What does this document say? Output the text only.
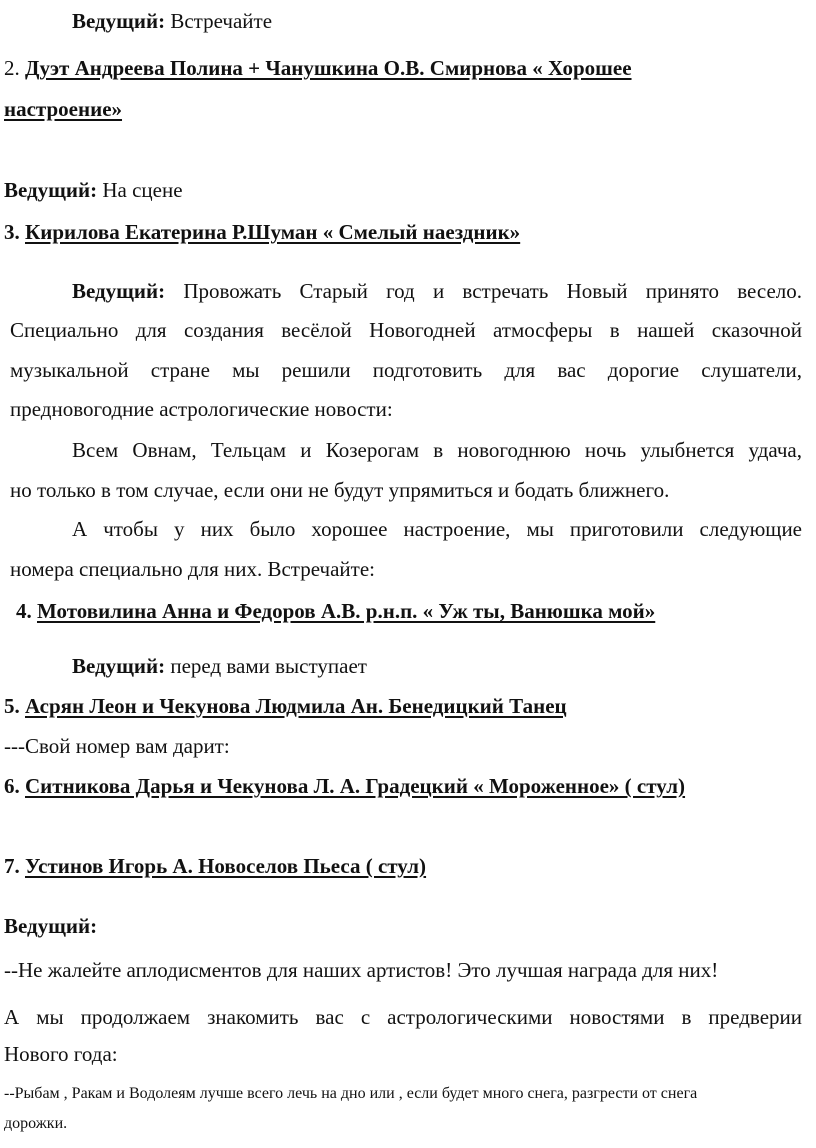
Ведущий: Встречайте
2. Дуэт Андреева Полина + Чанушкина О.В. Смирнова « Хорошее
настроение»
Ведущий: На сцене
3. Кирилова Екатерина Р.Шуман « Смелый наездник»
Ведущий: Провожать Старый год и встречать Новый принято весело.
Специально для создания весёлой Новогодней атмосферы в нашей сказочной
музыкальной стране мы решили подготовить для вас дорогие слушатели,
предновогодние астрологические новости:
Всем Овнам, Тельцам и Козерогам в новогоднюю ночь улыбнется удача,
но только в том случае, если они не будут упрямиться и бодать ближнего.
А чтобы у них было хорошее настроение, мы приготовили следующие
номера специально для них. Встречайте:
4. Мотовилина Анна и Федоров А.В. р.н.п. « Уж ты, Ванюшка мой»
Ведущий: перед вами выступает
5. Асрян Леон и Чекунова Людмила Ан. Бенедицкий Танец
---Свой номер вам дарит:
6. Ситникова Дарья и Чекунова Л. А. Градецкий « Мороженное» ( стул)
7. Устинов Игорь А. Новоселов Пьеса ( стул)
Ведущий:
--Не жалейте аплодисментов для наших артистов! Это лучшая награда для них!
А мы продолжаем знакомить вас с астрологическими новостями в предверии
Нового года:
--Рыбам , Ракам и Водолеям лучше всего лечь на дно или , если будет много снега, разгрести от снега
дорожки.
